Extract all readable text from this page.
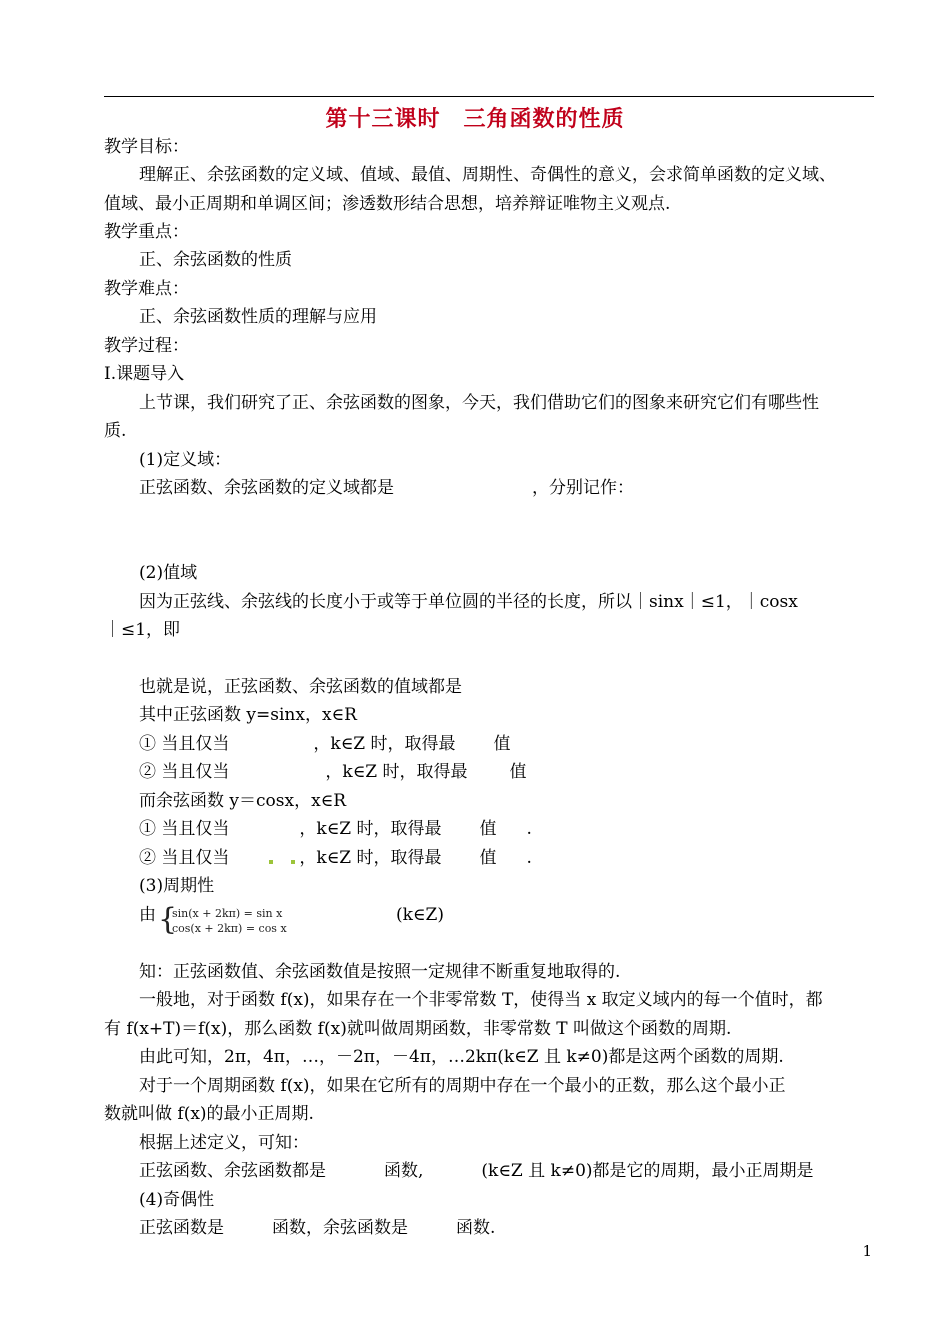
第十三课时　三角函数的性质
教学目标：
理解正、余弦函数的定义域、值域、最值、周期性、奇偶性的意义，会求简单函数的定义域、
值域、最小正周期和单调区间；渗透数形结合思想，培养辩证唯物主义观点.
教学重点：
正、余弦函数的性质
教学难点：
正、余弦函数性质的理解与应用
教学过程：
Ⅰ.课题导入
上节课，我们研究了正、余弦函数的图象，今天，我们借助它们的图象来研究它们有哪些性
质.
(1)定义域：
正弦函数、余弦函数的定义域都是	，分别记作：
(2)值域
因为正弦线、余弦线的长度小于或等于单位圆的半径的长度，所以｜sinx｜≤1，｜cosx
｜≤1，即
也就是说，正弦函数、余弦函数的值域都是
其中正弦函数 y=sinx，x∈R
① 当且仅当	，k∈Z 时，取得最 值
② 当且仅当	，k∈Z 时，取得最 值
而余弦函数 y＝cosx，x∈R
① 当且仅当	，k∈Z 时，取得最 值 .
② 当且仅当	，k∈Z 时，取得最 值 .
(3)周期性
由 {
sin(x + 2kπ) = sin x
cos(x + 2kπ) = cos x
(k∈Z)
知：正弦函数值、余弦函数值是按照一定规律不断重复地取得的.
一般地，对于函数 f(x)，如果存在一个非零常数 T，使得当 x 取定义域内的每一个值时，都
有 f(x+T)＝f(x)，那么函数 f(x)就叫做周期函数，非零常数 T 叫做这个函数的周期.
由此可知，2π，4π，…，－2π，－4π，…2kπ(k∈Z 且 k≠0)都是这两个函数的周期.
对于一个周期函数 f(x)，如果在它所有的周期中存在一个最小的正数，那么这个最小正
数就叫做 f(x)的最小正周期.
根据上述定义，可知：
正弦函数、余弦函数都是	函数,	(k∈Z 且 k≠0)都是它的周期，最小正周期是
(4)奇偶性
正弦函数是	函数，余弦函数是	函数.
1
